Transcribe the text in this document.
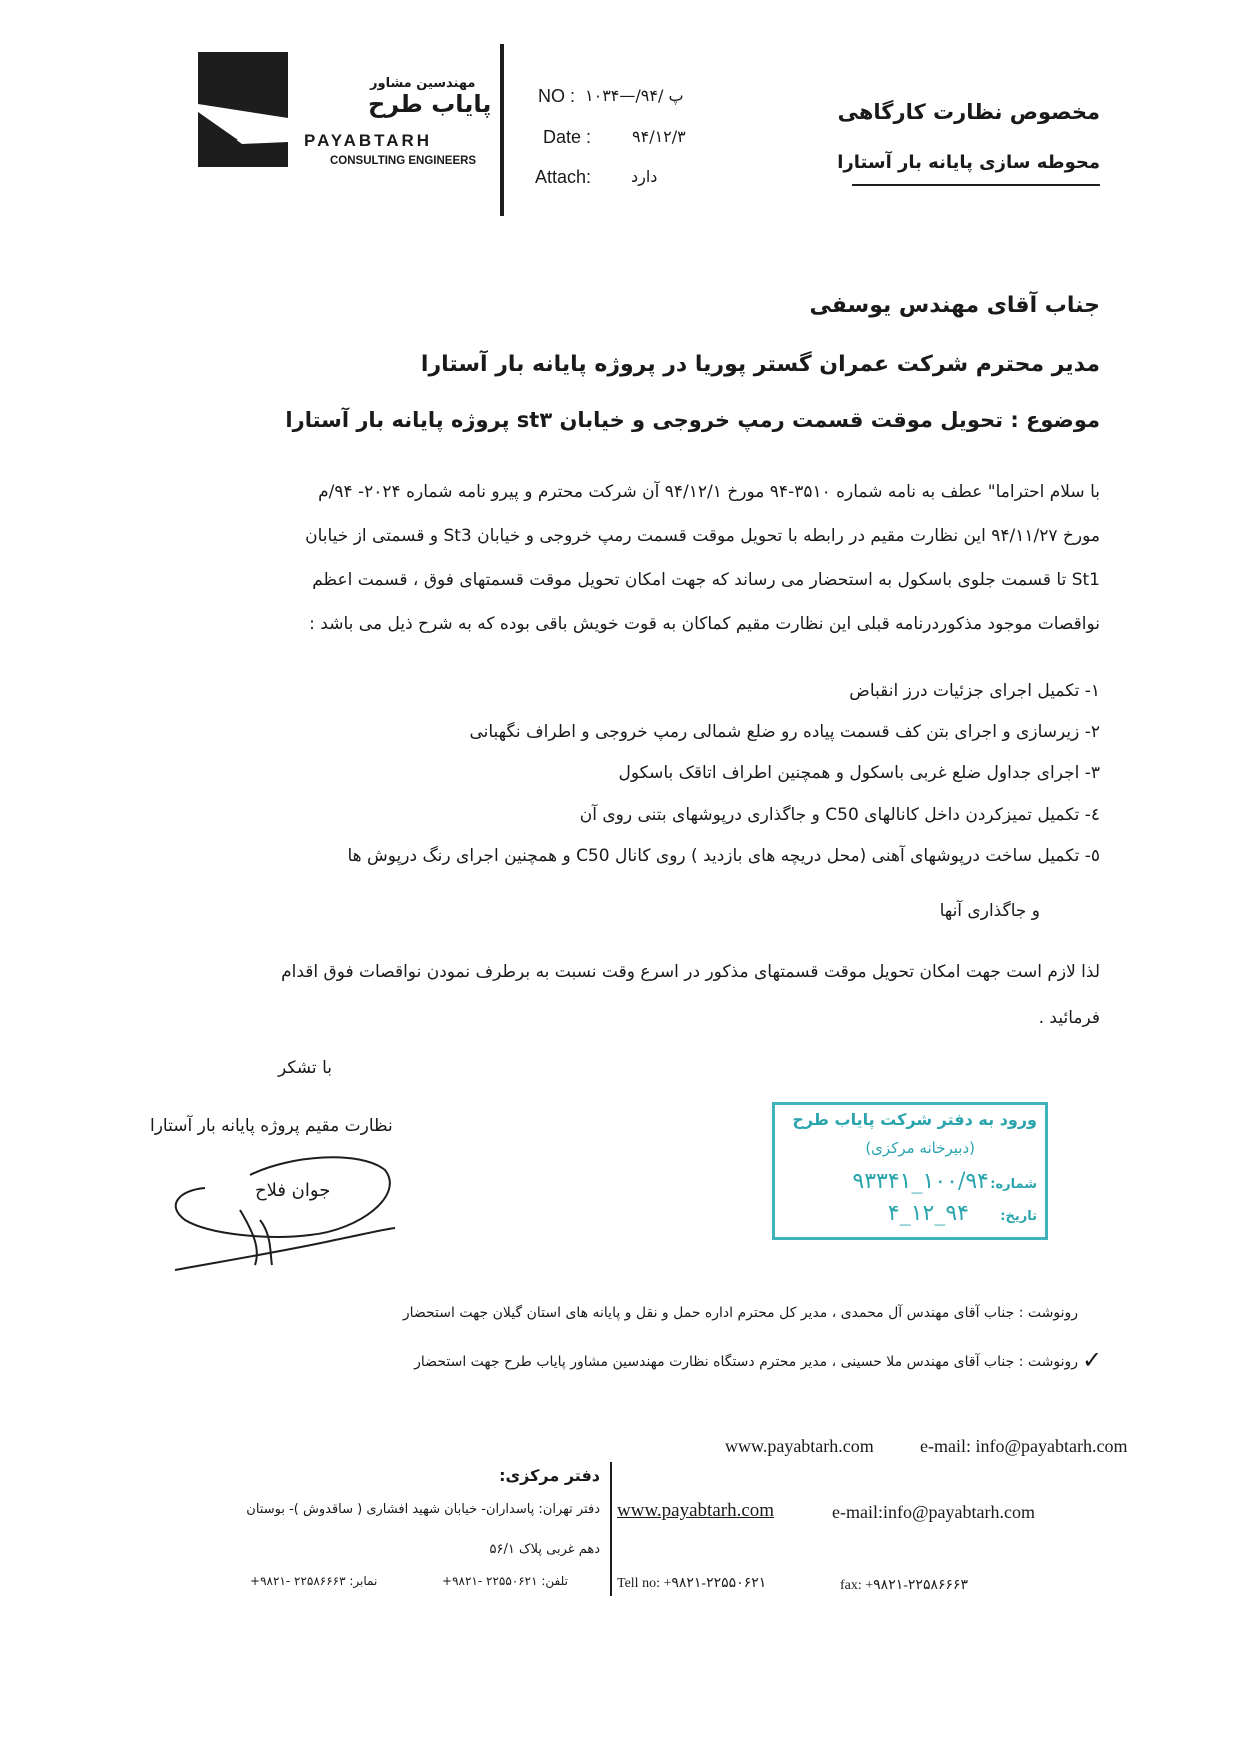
مهندسین مشاور
پایاب طرح
PAYABTARH
CONSULTING ENGINEERS
NO : ۱۰۳۴—/۹۴/ پ
Date :	۹۴/۱۲/۳
Attach: دارد
مخصوص نظارت کارگاهی
محوطه سازی پایانه بار آستارا
جناب آقای مهندس یوسفی
مدیر محترم شرکت عمران گستر پوریا در پروژه پایانه بار آستارا
موضوع : تحویل موقت قسمت رمپ خروجی و خیابان st۳ پروژه پایانه بار آستارا
با سلام احتراما" عطف به نامه شماره ۳۵۱۰-۹۴ مورخ ۹۴/۱۲/۱ آن شرکت محترم و پیرو نامه شماره ۲۰۲۴- ۹۴/م
مورخ ۹۴/۱۱/۲۷ این نظارت مقیم در رابطه با تحویل موقت قسمت رمپ خروجی و خیابان St3 و قسمتی از خیابان
St1 تا قسمت جلوی باسکول به استحضار می رساند که جهت امکان تحویل موقت قسمتهای فوق ، قسمت اعظم
نواقصات موجود مذکوردرنامه قبلی این نظارت مقیم کماکان به قوت خویش باقی بوده که به شرح ذیل می باشد :
۱- تکمیل اجرای جزئیات درز انقباض
۲- زیرسازی و اجرای بتن کف قسمت پیاده رو ضلع شمالی رمپ خروجی و اطراف نگهبانی
۳- اجرای جداول ضلع غربی باسکول و همچنین اطراف اتاقک باسکول
٤- تکمیل تمیزکردن داخل کانالهای C50 و جاگذاری درپوشهای بتنی روی آن
٥- تکمیل ساخت درپوشهای آهنی (محل دریچه های بازدید ) روی کانال C50 و همچنین اجرای رنگ درپوش ها
و جاگذاری آنها
لذا لازم است جهت امکان تحویل موقت قسمتهای مذکور در اسرع وقت نسبت به برطرف نمودن نواقصات فوق اقدام
فرمائید .
با تشکر
نظارت مقیم پروژه پایانه بار آستارا
جوان فلاح
ورود به دفتر شرکت پایاب طرح
(دبیرخانه مرکزی)
شماره:
۱۰۰/۹۴_۹۳۳۴۱
تاریخ:
۹۴_۱۲_۴
رونوشت : جناب آقای مهندس آل محمدی ، مدیر کل محترم اداره حمل و نقل و پایانه های استان گیلان جهت استحضار
✓
رونوشت : جناب آقای مهندس ملا حسینی ، مدیر محترم دستگاه نظارت مهندسین مشاور پایاب طرح جهت استحضار
www.payabtarh.com	e-mail: info@payabtarh.com
دفتر مرکزی:
دفتر تهران: پاسداران- خیابان شهید افشاری ( ساقدوش )- بوستان
دهم غربی پلاک ۵۶/۱
www.payabtarh.com	e-mail:info@payabtarh.com
نمابر: ۲۲۵۸۶۶۶۳ -۹۸۲۱+	تلفن: ۲۲۵۵۰۶۲۱ -۹۸۲۱+	Tell no: +۹۸۲۱-۲۲۵۵۰۶۲۱	fax: +۹۸۲۱-۲۲۵۸۶۶۶۳
